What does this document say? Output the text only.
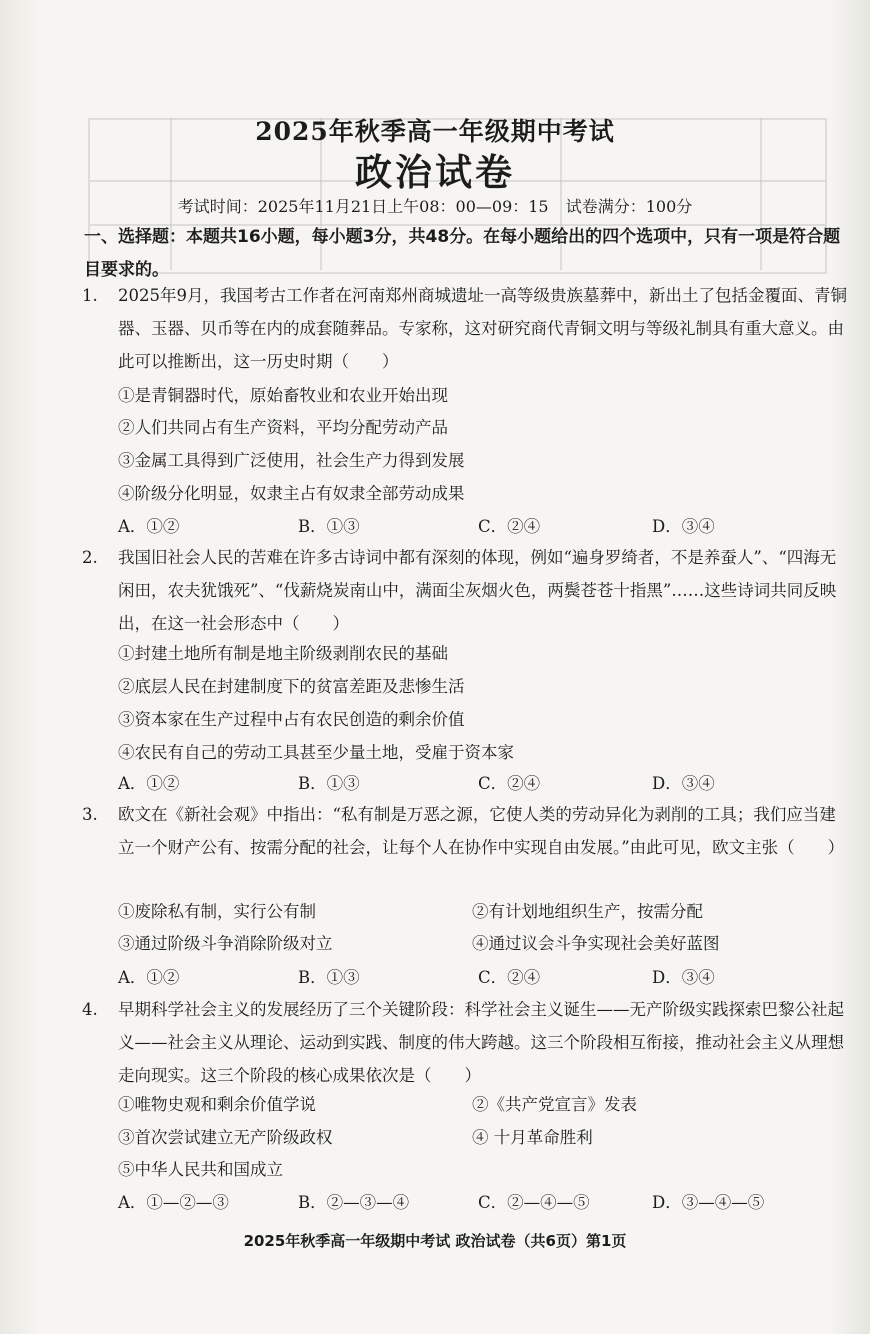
2025年秋季高一年级期中考试
政治试卷
考试时间：2025年11月21日上午08：00—09：15 试卷满分：100分
一、选择题：本题共16小题，每小题3分，共48分。在每小题给出的四个选项中，只有一项是符合题目要求的。
1. 2025年9月，我国考古工作者在河南郑州商城遗址一高等级贵族墓葬中，新出土了包括金覆面、青铜器、玉器、贝币等在内的成套随葬品。专家称，这对研究商代青铜文明与等级礼制具有重大意义。由此可以推断出，这一历史时期（　　）
①是青铜器时代，原始畜牧业和农业开始出现
②人们共同占有生产资料，平均分配劳动产品
③金属工具得到广泛使用，社会生产力得到发展
④阶级分化明显，奴隶主占有奴隶全部劳动成果
A．①②	B．①③	C．②④	D．③④
2. 我国旧社会人民的苦难在许多古诗词中都有深刻的体现，例如“遍身罗绮者，不是养蚕人”、“四海无闲田，农夫犹饿死”、“伐薪烧炭南山中，满面尘灰烟火色，两鬓苍苍十指黑”……这些诗词共同反映出，在这一社会形态中（　　）
①封建土地所有制是地主阶级剥削农民的基础
②底层人民在封建制度下的贫富差距及悲惨生活
③资本家在生产过程中占有农民创造的剩余价值
④农民有自己的劳动工具甚至少量土地，受雇于资本家
A．①②	B．①③	C．②④	D．③④
3. 欧文在《新社会观》中指出：“私有制是万恶之源，它使人类的劳动异化为剥削的工具；我们应当建立一个财产公有、按需分配的社会，让每个人在协作中实现自由发展。”由此可见，欧文主张（　　）
①废除私有制，实行公有制	②有计划地组织生产，按需分配
③通过阶级斗争消除阶级对立	④通过议会斗争实现社会美好蓝图
A．①②	B．①③	C．②④	D．③④
4. 早期科学社会主义的发展经历了三个关键阶段：科学社会主义诞生——无产阶级实践探索巴黎公社起义——社会主义从理论、运动到实践、制度的伟大跨越。这三个阶段相互衔接，推动社会主义从理想走向现实。这三个阶段的核心成果依次是（　　）
①唯物史观和剩余价值学说	②《共产党宣言》发表
③首次尝试建立无产阶级政权	④ 十月革命胜利
⑤中华人民共和国成立
A．①—②—③	B．②—③—④	C．②—④—⑤	D．③—④—⑤
2025年秋季高一年级期中考试 政治试卷（共6页）第1页
